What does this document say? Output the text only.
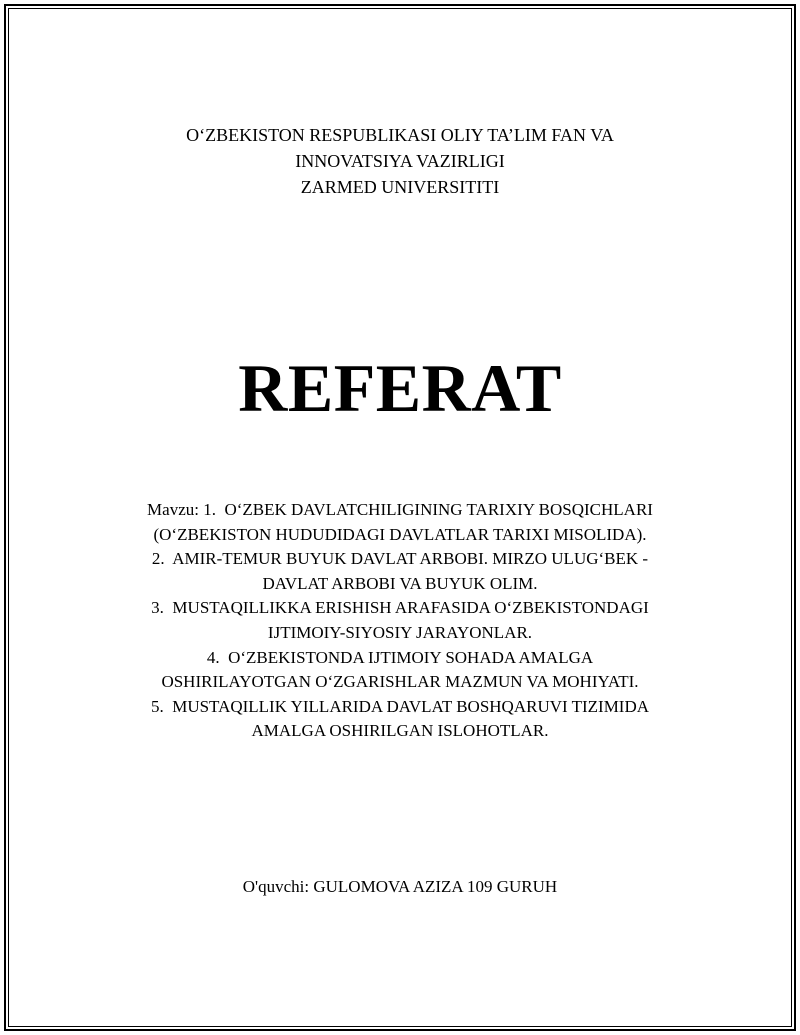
O‘ZBEKISTON RESPUBLIKASI OLIY TA’LIM FAN VA
INNOVATSIYA VAZIRLIGI
ZARMED UNIVERSITITI
REFERAT
Mavzu: 1.  O‘ZBEK DAVLATCHILIGINING TARIXIY BOSQICHLARI
(O‘ZBEKISTON HUDUDIDAGI DAVLATLAR TARIXI MISOLIDA).
2.  AMIR-TEMUR BUYUK DAVLAT ARBOBI. MIRZO ULUG‘BEK -
DAVLAT ARBOBI VA BUYUK OLIM.
3.  MUSTAQILLIKKA ERISHISH ARAFASIDA O‘ZBEKISTONDAGI
IJTIMOIY-SIYOSIY JARAYONLAR.
4.  O‘ZBEKISTONDA IJTIMOIY SOHADA AMALGA
OSHIRILAYOTGAN O‘ZGARISHLAR MAZMUN VA MOHIYATI.
5.  MUSTAQILLIK YILLARIDA DAVLAT BOSHQARUVI TIZIMIDA
AMALGA OSHIRILGAN ISLOHOTLAR.
O'quvchi: GULOMOVA AZIZA 109 GURUH
